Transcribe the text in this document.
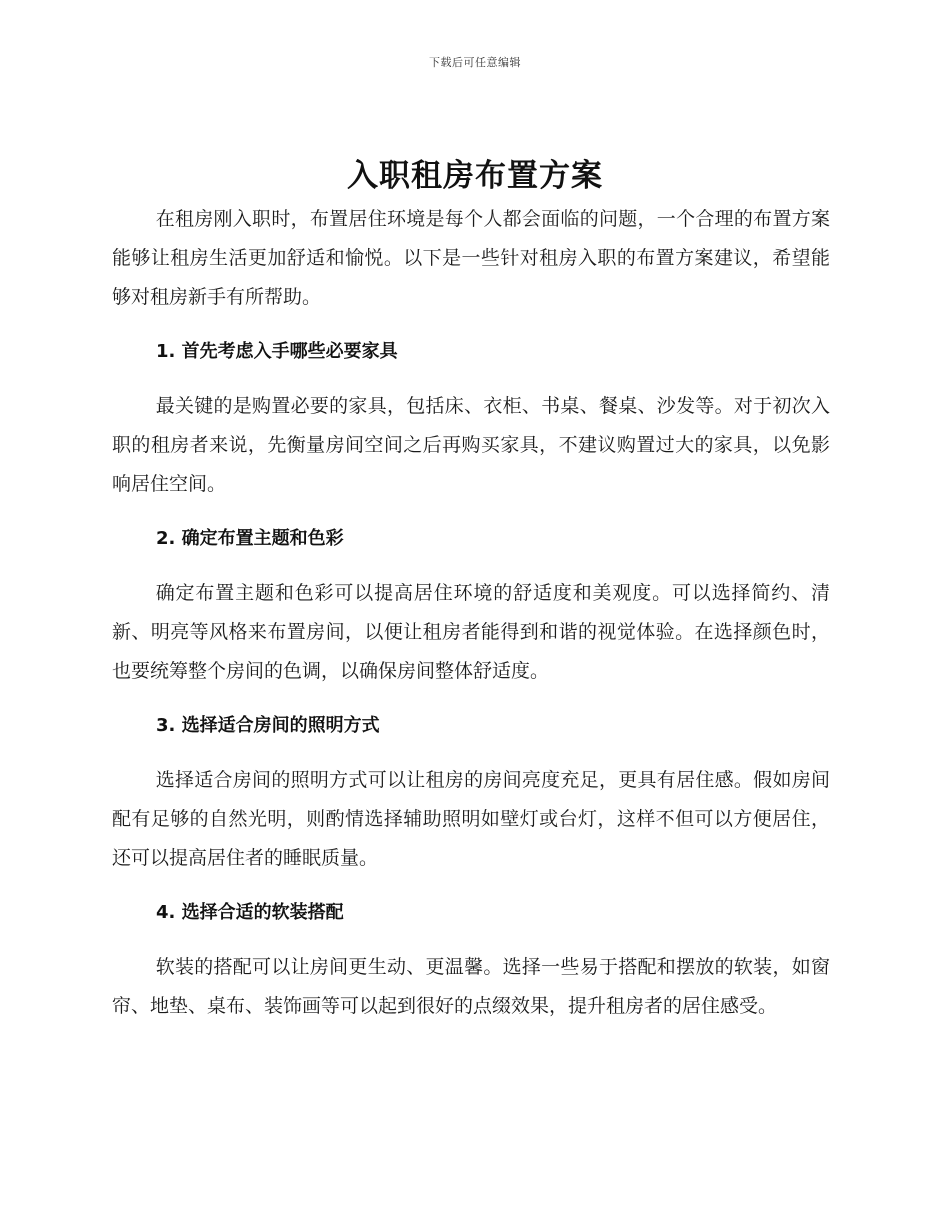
下载后可任意编辑
入职租房布置方案

在租房刚入职时，布置居住环境是每个人都会面临的问题，一个合理的布置方案能够让租房生活更加舒适和愉悦。以下是一些针对租房入职的布置方案建议，希望能够对租房新手有所帮助。

1. 首先考虑入手哪些必要家具

最关键的是购置必要的家具，包括床、衣柜、书桌、餐桌、沙发等。对于初次入职的租房者来说，先衡量房间空间之后再购买家具，不建议购置过大的家具，以免影响居住空间。

2. 确定布置主题和色彩

确定布置主题和色彩可以提高居住环境的舒适度和美观度。可以选择简约、清新、明亮等风格来布置房间，以便让租房者能得到和谐的视觉体验。在选择颜色时，也要统筹整个房间的色调，以确保房间整体舒适度。

3. 选择适合房间的照明方式

选择适合房间的照明方式可以让租房的房间亮度充足，更具有居住感。假如房间配有足够的自然光明，则酌情选择辅助照明如壁灯或台灯，这样不但可以方便居住，还可以提高居住者的睡眠质量。

4. 选择合适的软装搭配

软装的搭配可以让房间更生动、更温馨。选择一些易于搭配和摆放的软装，如窗帘、地垫、桌布、装饰画等可以起到很好的点缀效果，提升租房者的居住感受。
